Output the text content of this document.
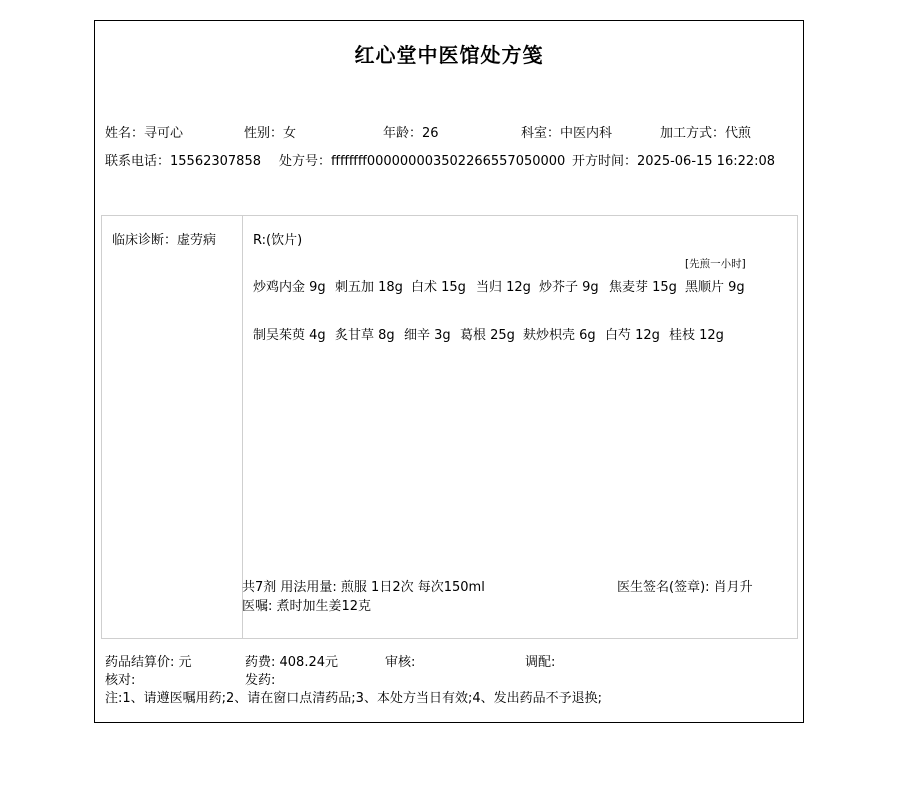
红心堂中医馆处方笺
姓名：寻可心	性别：女	年龄：26	科室：中医内科	加工方式：代煎
联系电话：15562307858 处方号：ffffffff0000000035022665570500​00 开方时间：2025-06-15 16:22:08
临床诊断：虚劳病	R:(饮片)
[先煎一小时]
炒鸡内金 9g 刺五加 18g 白术 15g 当归 12g 炒芥子 9g 焦麦芽 15g 黑顺片 9g
制吴茱萸 4g 炙甘草 8g 细辛 3g 葛根 25g 麸炒枳壳 6g 白芍 12g 桂枝 12g
共7剂 用法用量: 煎服 1日2次 每次150ml	医生签名(签章): 肖月升
医嘱: 煮时加生姜12克
药品结算价: 元	药费: 408.24元	审核:	调配:
核对:	发药:
注:1、请遵医嘱用药;2、请在窗口点清药品;3、本处方当日有效;4、发出药品不予退换;
